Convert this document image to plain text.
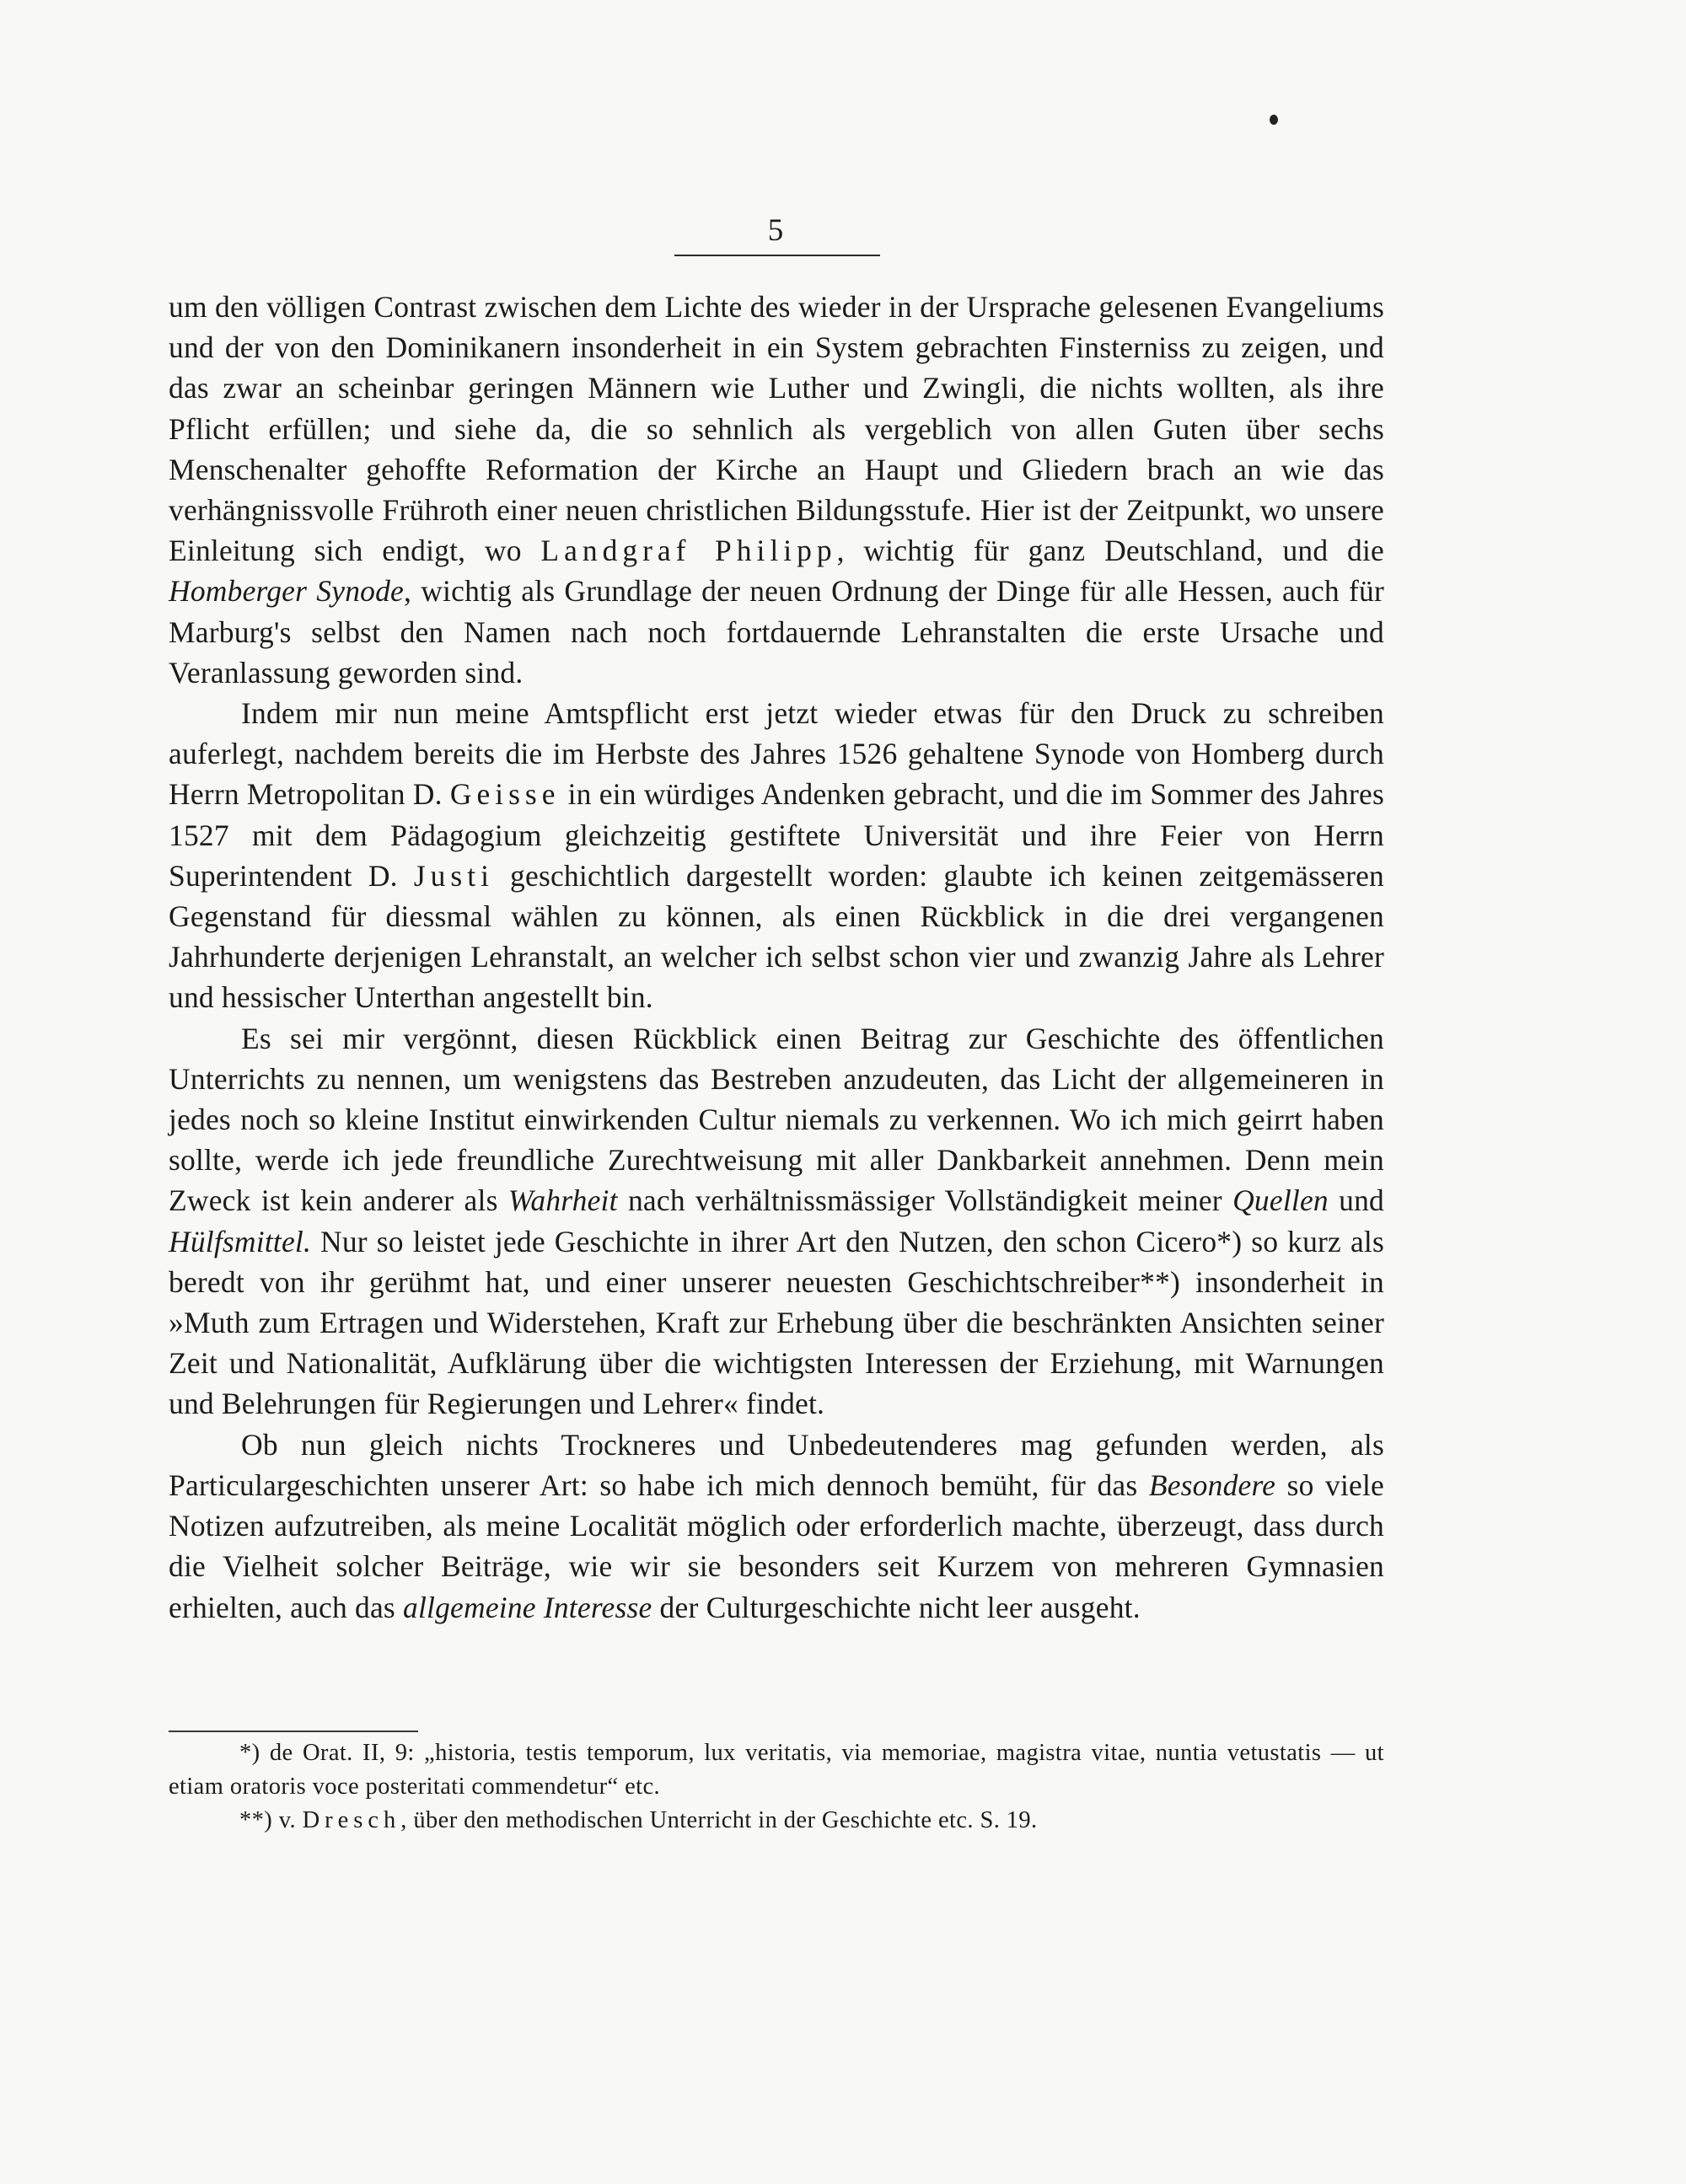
5

um den völligen Contrast zwischen dem Lichte des wieder in der Ursprache gelesenen Evangeliums und der von den Dominikanern insonderheit in ein System gebrachten Finsterniss zu zeigen, und das zwar an scheinbar geringen Männern wie Luther und Zwingli, die nichts wollten, als ihre Pflicht erfüllen; und siehe da, die so sehnlich als vergeblich von allen Guten über sechs Menschenalter gehoffte Reformation der Kirche an Haupt und Gliedern brach an wie das verhängnissvolle Frühroth einer neuen christlichen Bildungsstufe. Hier ist der Zeitpunkt, wo unsere Einleitung sich endigt, wo Landgraf Philipp, wichtig für ganz Deutschland, und die Homberger Synode, wichtig als Grundlage der neuen Ordnung der Dinge für alle Hessen, auch für Marburg's selbst den Namen nach noch fortdauernde Lehranstalten die erste Ursache und Veranlassung geworden sind.

Indem mir nun meine Amtspflicht erst jetzt wieder etwas für den Druck zu schreiben auferlegt, nachdem bereits die im Herbste des Jahres 1526 gehaltene Synode von Homberg durch Herrn Metropolitan D. Geisse in ein würdiges Andenken gebracht, und die im Sommer des Jahres 1527 mit dem Pädagogium gleichzeitig gestiftete Universität und ihre Feier von Herrn Superintendent D. Justi geschichtlich dargestellt worden: glaubte ich keinen zeitgemässeren Gegenstand für diessmal wählen zu können, als einen Rückblick in die drei vergangenen Jahrhunderte derjenigen Lehranstalt, an welcher ich selbst schon vier und zwanzig Jahre als Lehrer und hessischer Unterthan angestellt bin.

Es sei mir vergönnt, diesen Rückblick einen Beitrag zur Geschichte des öffentlichen Unterrichts zu nennen, um wenigstens das Bestreben anzudeuten, das Licht der allgemeineren in jedes noch so kleine Institut einwirkenden Cultur niemals zu verkennen. Wo ich mich geirrt haben sollte, werde ich jede freundliche Zurechtweisung mit aller Dankbarkeit annehmen. Denn mein Zweck ist kein anderer als Wahrheit nach verhältnissmässiger Vollständigkeit meiner Quellen und Hülfsmittel. Nur so leistet jede Geschichte in ihrer Art den Nutzen, den schon Cicero*) so kurz als beredt von ihr gerühmt hat, und einer unserer neuesten Geschichtschreiber**) insonderheit in »Muth zum Ertragen und Widerstehen, Kraft zur Erhebung über die beschränkten Ansichten seiner Zeit und Nationalität, Aufklärung über die wichtigsten Interessen der Erziehung, mit Warnungen und Belehrungen für Regierungen und Lehrer« findet.

Ob nun gleich nichts Trockneres und Unbedeutenderes mag gefunden werden, als Particulargeschichten unserer Art: so habe ich mich dennoch bemüht, für das Besondere so viele Notizen aufzutreiben, als meine Localität möglich oder erforderlich machte, überzeugt, dass durch die Vielheit solcher Beiträge, wie wir sie besonders seit Kurzem von mehreren Gymnasien erhielten, auch das allgemeine Interesse der Culturgeschichte nicht leer ausgeht.

*) de Orat. II, 9: „historia, testis temporum, lux veritatis, via memoriae, magistra vitae, nuntia vetustatis — ut etiam oratoris voce posteritati commendetur“ etc.

**) v. Dresch, über den methodischen Unterricht in der Geschichte etc. S. 19.
